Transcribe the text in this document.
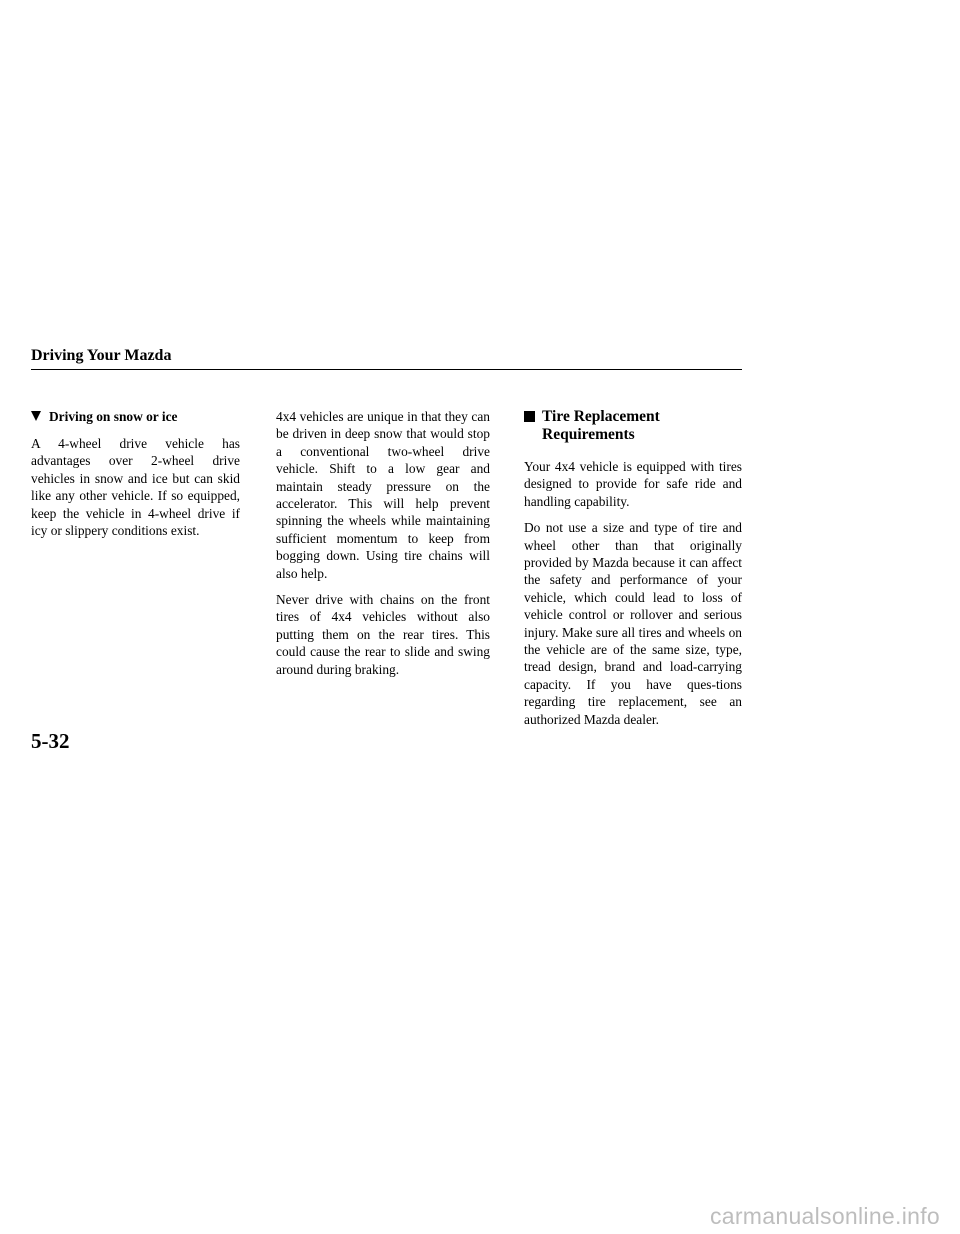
Driving Your Mazda
Driving on snow or ice

A 4-wheel drive vehicle has advantages over 2-wheel drive vehicles in snow and ice but can skid like any other vehicle. If so equipped, keep the vehicle in 4-wheel drive if icy or slippery conditions exist.

4x4 vehicles are unique in that they can be driven in deep snow that would stop a conventional two-wheel drive vehicle. Shift to a low gear and maintain steady pressure on the accelerator. This will help prevent spinning the wheels while maintaining sufficient momentum to keep from bogging down. Using tire chains will also help.

Never drive with chains on the front tires of 4x4 vehicles without also putting them on the rear tires. This could cause the rear to slide and swing around during braking.

Tire Replacement
Requirements

Your 4x4 vehicle is equipped with tires designed to provide for safe ride and handling capability.

Do not use a size and type of tire and wheel other than that originally provided by Mazda because it can affect the safety and performance of your vehicle, which could lead to loss of vehicle control or rollover and serious injury. Make sure all tires and wheels on the vehicle are of the same size, type, tread design, brand and load-carrying capacity. If you have ques-tions regarding tire replacement, see an authorized Mazda dealer.

5-32
carmanualsonline.info
